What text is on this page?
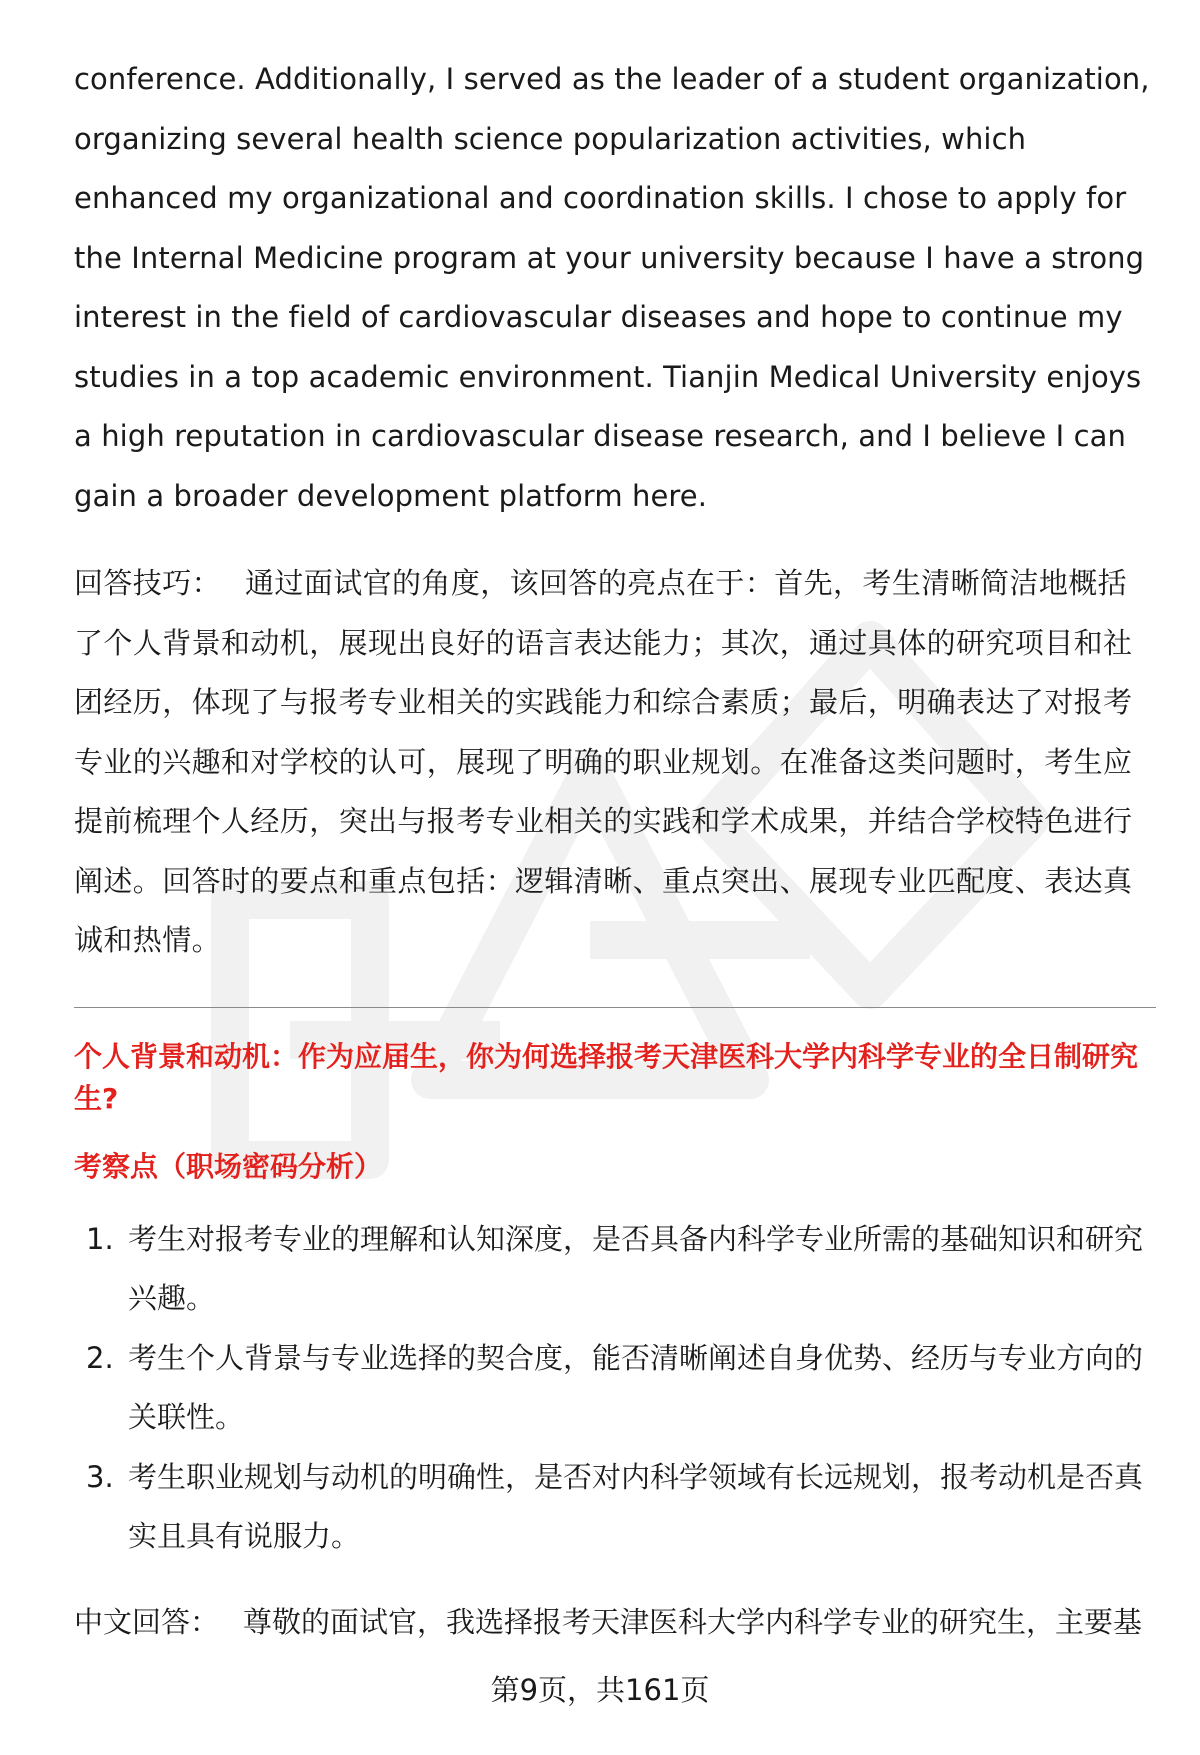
conference. Additionally, I served as the leader of a student organization, organizing several health science popularization activities, which enhanced my organizational and coordination skills. I chose to apply for the Internal Medicine program at your university because I have a strong interest in the field of cardiovascular diseases and hope to continue my studies in a top academic environment. Tianjin Medical University enjoys a high reputation in cardiovascular disease research, and I believe I can gain a broader development platform here.

回答技巧： 通过面试官的角度，该回答的亮点在于：首先，考生清晰简洁地概括了个人背景和动机，展现出良好的语言表达能力；其次，通过具体的研究项目和社团经历，体现了与报考专业相关的实践能力和综合素质；最后，明确表达了对报考专业的兴趣和对学校的认可，展现了明确的职业规划。在准备这类问题时，考生应提前梳理个人经历，突出与报考专业相关的实践和学术成果，并结合学校特色进行阐述。回答时的要点和重点包括：逻辑清晰、重点突出、展现专业匹配度、表达真诚和热情。

个人背景和动机：作为应届生，你为何选择报考天津医科大学内科学专业的全日制研究生?
考察点（职场密码分析）
1. 考生对报考专业的理解和认知深度，是否具备内科学专业所需的基础知识和研究兴趣。
2. 考生个人背景与专业选择的契合度，能否清晰阐述自身优势、经历与专业方向的关联性。
3. 考生职业规划与动机的明确性，是否对内科学领域有长远规划，报考动机是否真实且具有说服力。

中文回答： 尊敬的面试官，我选择报考天津医科大学内科学专业的研究生，主要基

第9页，共161页
